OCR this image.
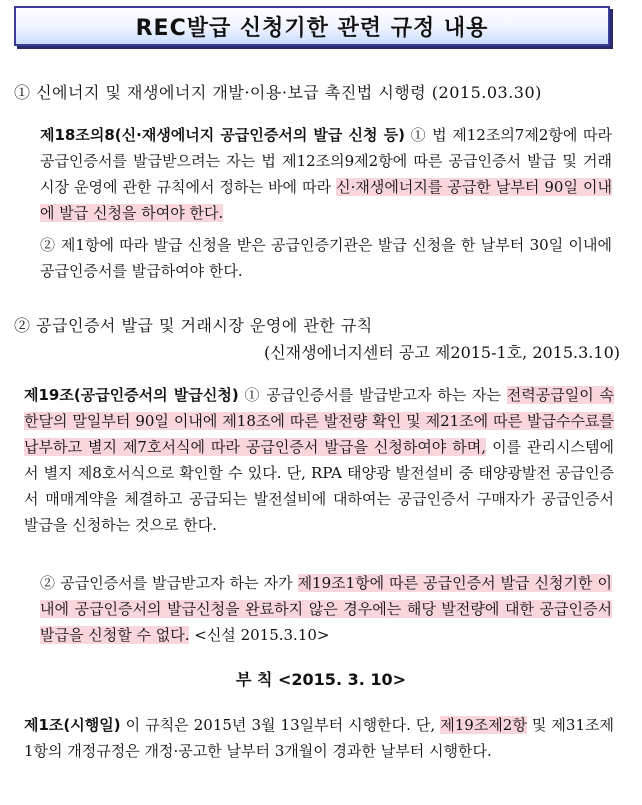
REC발급 신청기한 관련 규정 내용
① 신에너지 및 재생에너지 개발·이용·보급 촉진법 시행령 (2015.03.30)
제18조의8(신·재생에너지 공급인증서의 발급 신청 등) ① 법 제12조의7제2항에 따라 공급인증서를 발급받으려는 자는 법 제12조의9제2항에 따른 공급인증서 발급 및 거래시장 운영에 관한 규칙에서 정하는 바에 따라 신·재생에너지를 공급한 날부터 90일 이내에 발급 신청을 하여야 한다.
② 제1항에 따라 발급 신청을 받은 공급인증기관은 발급 신청을 한 날부터 30일 이내에 공급인증서를 발급하여야 한다.
② 공급인증서 발급 및 거래시장 운영에 관한 규칙
(신재생에너지센터 공고 제2015-1호, 2015.3.10)
제19조(공급인증서의 발급신청) ① 공급인증서를 발급받고자 하는 자는 전력공급일이 속한달의 말일부터 90일 이내에 제18조에 따른 발전량 확인 및 제21조에 따른 발급수수료를 납부하고 별지 제7호서식에 따라 공급인증서 발급을 신청하여야 하며, 이를 관리시스템에서 별지 제8호서식으로 확인할 수 있다. 단, RPA 태양광 발전설비 중 태양광발전 공급인증서 매매계약을 체결하고 공급되는 발전설비에 대하여는 공급인증서 구매자가 공급인증서 발급을 신청하는 것으로 한다.
② 공급인증서를 발급받고자 하는 자가 제19조1항에 따른 공급인증서 발급 신청기한 이내에 공급인증서의 발급신청을 완료하지 않은 경우에는 해당 발전량에 대한 공급인증서 발급을 신청할 수 없다. <신설 2015.3.10>
부 칙 <2015. 3. 10>
제1조(시행일) 이 규칙은 2015년 3월 13일부터 시행한다. 단, 제19조제2항 및 제31조제1항의 개정규정은 개정·공고한 날부터 3개월이 경과한 날부터 시행한다.
